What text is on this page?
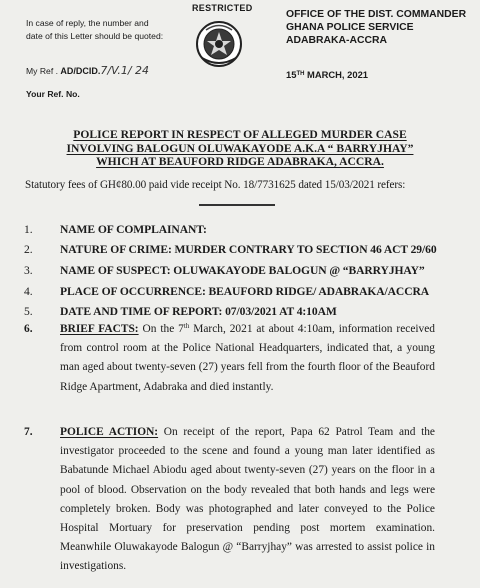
In case of reply, the number and date of this Letter should be quoted:
My Ref . AD/DCID.7/V.1/ 24
Your Ref. No.
RESTRICTED
OFFICE OF THE DIST. COMMANDER
GHANA POLICE SERVICE
ADABRAKA-ACCRA
15TH MARCH, 2021
POLICE REPORT IN RESPECT OF ALLEGED MURDER CASE
INVOLVING BALOGUN OLUWAKAYODE A.K.A “ BARRYJHAY”
WHICH AT BEAUFORD RIDGE ADABRAKA, ACCRA.
Statutory fees of GH¢80.00 paid vide receipt No. 18/7731625 dated 15/03/2021 refers:
1. NAME OF COMPLAINANT:
2. NATURE OF CRIME: MURDER CONTRARY TO SECTION 46 ACT 29/60
3. NAME OF SUSPECT: OLUWAKAYODE BALOGUN @ “BARRYJHAY”
4. PLACE OF OCCURRENCE: BEAUFORD RIDGE/ ADABRAKA/ACCRA
5. DATE AND TIME OF REPORT: 07/03/2021 AT 4:10AM
6. BRIEF FACTS: On the 7th March, 2021 at about 4:10am, information received from control room at the Police National Headquarters, indicated that, a young man aged about twenty-seven (27) years fell from the fourth floor of the Beauford Ridge Apartment, Adabraka and died instantly.
7. POLICE ACTION: On receipt of the report, Papa 62 Patrol Team and the investigator proceeded to the scene and found a young man later identified as Babatunde Michael Abiodu aged about twenty-seven (27) years on the floor in a pool of blood. Observation on the body revealed that both hands and legs were completely broken. Body was photographed and later conveyed to the Police Hospital Mortuary for preservation pending post mortem examination. Meanwhile Oluwakayode Balogun @ “Barryjhay” was arrested to assist police in investigations.
